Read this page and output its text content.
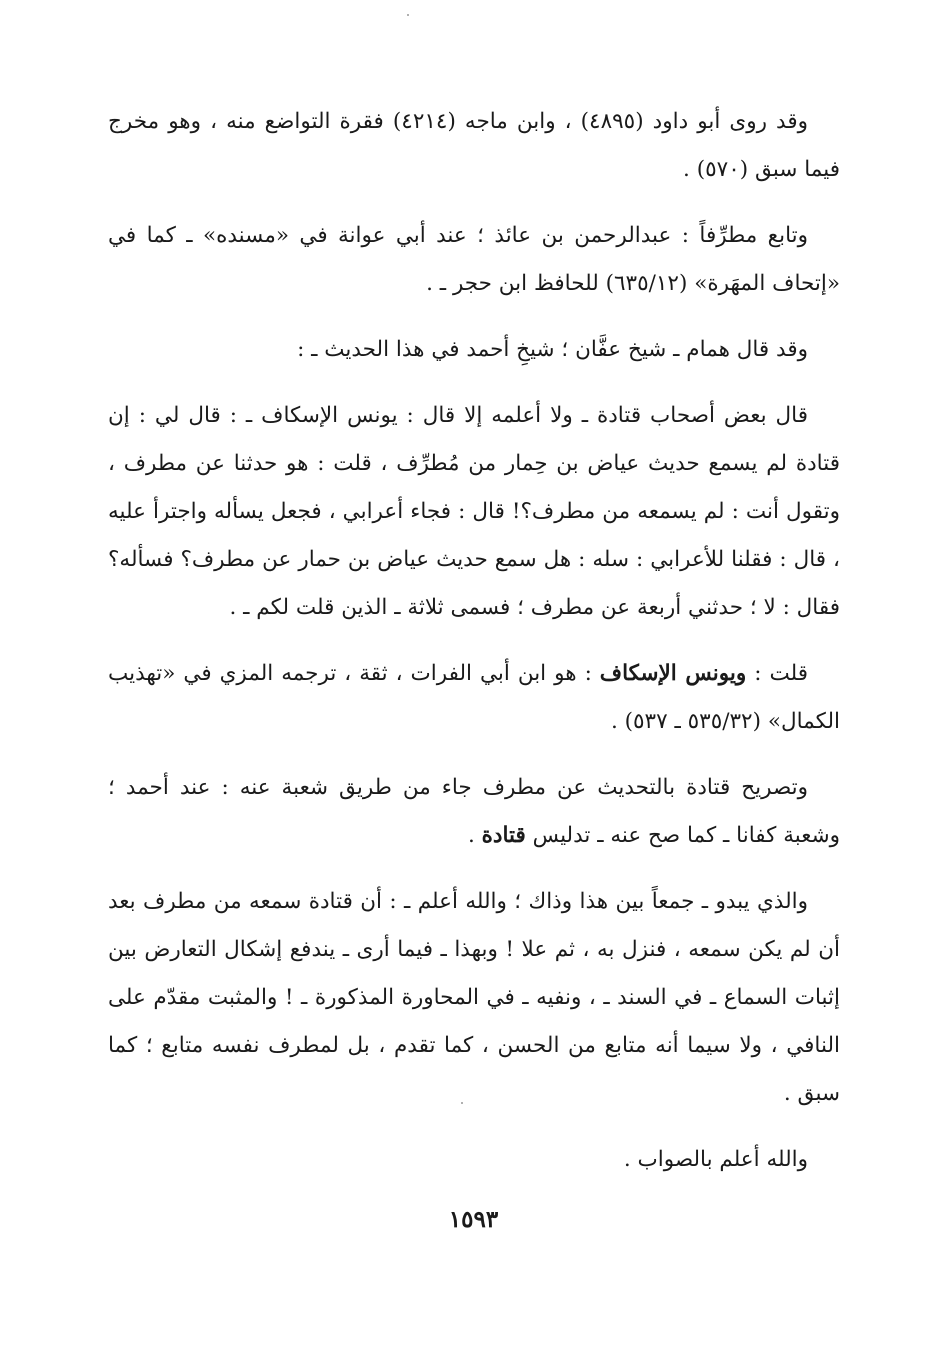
وقد روى أبو داود (٤٨٩٥) ، وابن ماجه (٤٢١٤) فقرة التواضع منه ، وهو مخرج فيما سبق (٥٧٠) .

وتابع مطرِّفاً : عبدالرحمن بن عائذ ؛ عند أبي عوانة في «مسنده» ـ كما في «إتحاف المهَرة» (٦٣٥/١٢) للحافظ ابن حجر ـ .

وقد قال همام ـ شيخ عفَّان ؛ شيخِ أحمد في هذا الحديث ـ :

قال بعض أصحاب قتادة ـ ولا أعلمه إلا قال : يونس الإسكاف ـ : قال لي : إن قتادة لم يسمع حديث عياض بن حِمار من مُطرِّف ، قلت : هو حدثنا عن مطرف ، وتقول أنت : لم يسمعه من مطرف؟! قال : فجاء أعرابي ، فجعل يسأله واجترأ عليه ، قال : فقلنا للأعرابي : سله : هل سمع حديث عياض بن حمار عن مطرف؟ فسأله؟ فقال : لا ؛ حدثني أربعة عن مطرف ؛ فسمى ثلاثة ـ الذين قلت لكم ـ .

قلت : ويونس الإسكاف : هو ابن أبي الفرات ، ثقة ، ترجمه المزي في «تهذيب الكمال» (٥٣٥/٣٢ ـ ٥٣٧) .

وتصريح قتادة بالتحديث عن مطرف جاء من طريق شعبة عنه : عند أحمد ؛ وشعبة كفانا ـ كما صح عنه ـ تدليس قتادة .

والذي يبدو ـ جمعاً بين هذا وذاك ؛ والله أعلم ـ : أن قتادة سمعه من مطرف بعد أن لم يكن سمعه ، فنزل به ، ثم علا ! وبهذا ـ فيما أرى ـ يندفع إشكال التعارض بين إثبات السماع ـ في السند ـ ، ونفيه ـ في المحاورة المذكورة ـ ! والمثبت مقدّم على النافي ، ولا سيما أنه متابع من الحسن ، كما تقدم ، بل لمطرف نفسه متابع ؛ كما سبق .

والله أعلم بالصواب .

١٥٩٣
